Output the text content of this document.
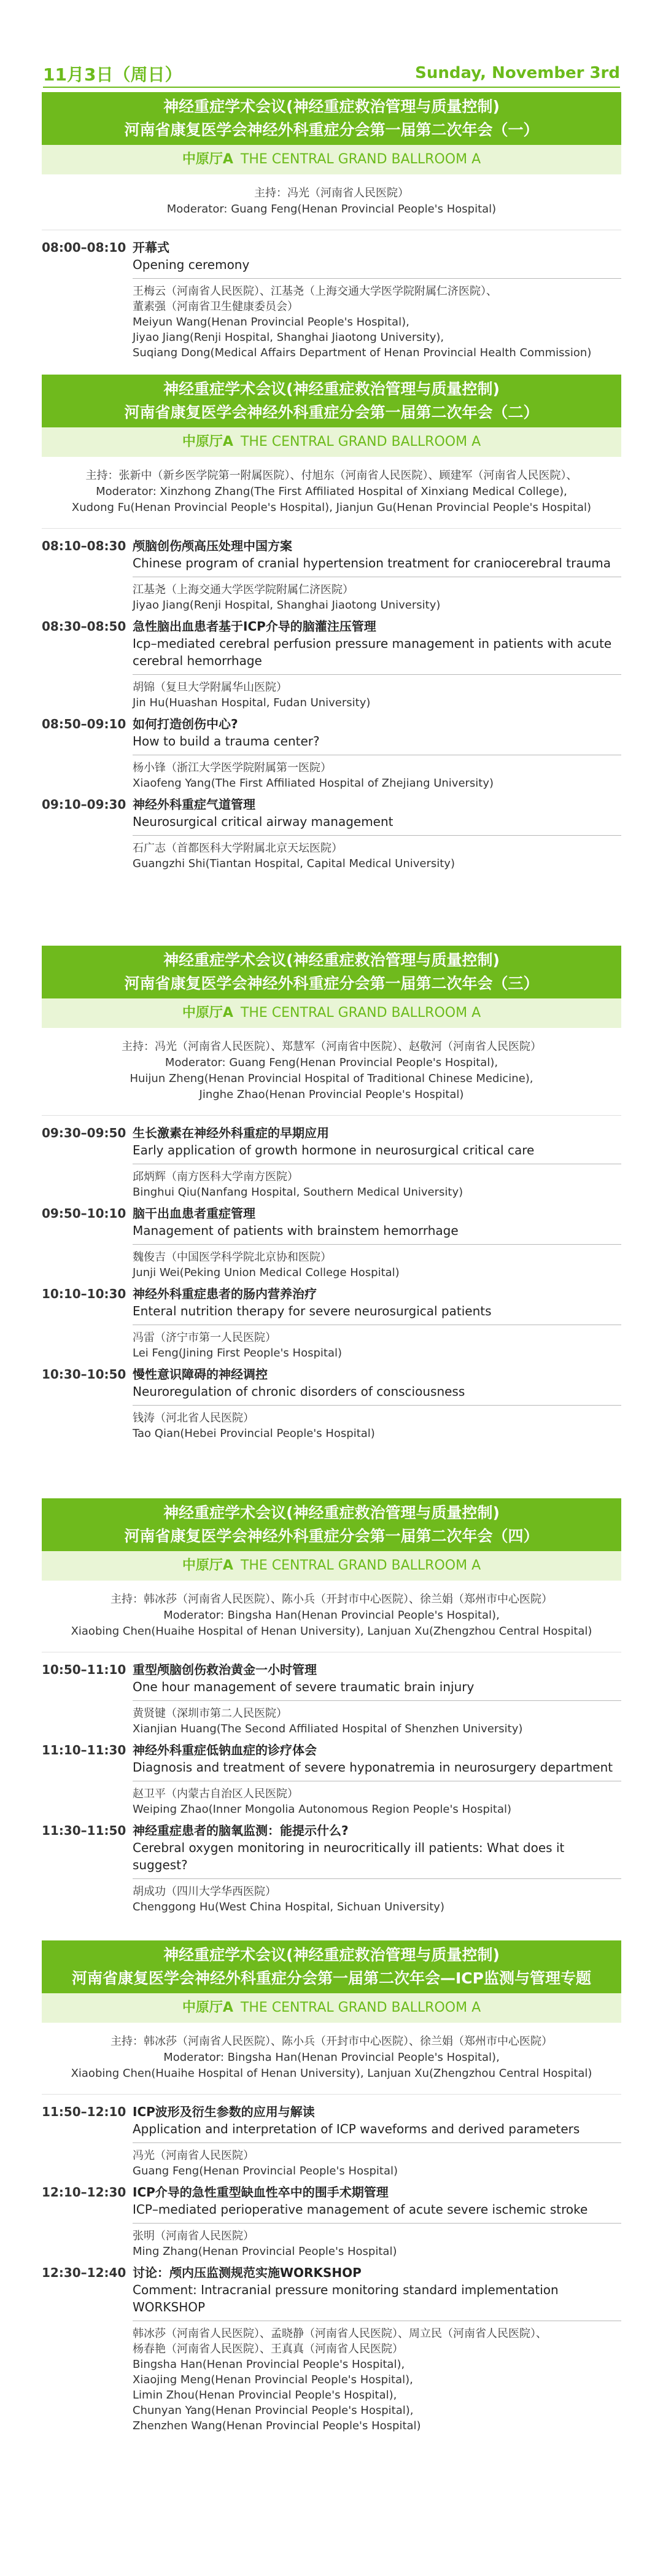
11月3日（周日）	Sunday, November 3rd
神经重症学术会议(神经重症救治管理与质量控制)
河南省康复医学会神经外科重症分会第一届第二次年会（一）
中原厅A THE CENTRAL GRAND BALLROOM A
主持：冯光（河南省人民医院）
Moderator: Guang Feng(Henan Provincial People's Hospital)
08:00–08:10 开幕式
Opening ceremony
王梅云（河南省人民医院）、江基尧（上海交通大学医学院附属仁济医院）、
董素强（河南省卫生健康委员会）
Meiyun Wang(Henan Provincial People's Hospital),
Jiyao Jiang(Renji Hospital, Shanghai Jiaotong University),
Suqiang Dong(Medical Affairs Department of Henan Provincial Health Commission)
神经重症学术会议(神经重症救治管理与质量控制)
河南省康复医学会神经外科重症分会第一届第二次年会（二）
中原厅A THE CENTRAL GRAND BALLROOM A
主持：张新中（新乡医学院第一附属医院）、付旭东（河南省人民医院）、顾建军（河南省人民医院）、
Moderator: Xinzhong Zhang(The First Affiliated Hospital of Xinxiang Medical College),
Xudong Fu(Henan Provincial People's Hospital), Jianjun Gu(Henan Provincial People's Hospital)
08:10–08:30 颅脑创伤颅高压处理中国方案
Chinese program of cranial hypertension treatment for craniocerebral trauma
江基尧（上海交通大学医学院附属仁济医院）
Jiyao Jiang(Renji Hospital, Shanghai Jiaotong University)
08:30–08:50 急性脑出血患者基于ICP介导的脑灌注压管理
Icp–mediated cerebral perfusion pressure management in patients with acute cerebral hemorrhage
胡锦（复旦大学附属华山医院）
Jin Hu(Huashan Hospital, Fudan University)
08:50–09:10 如何打造创伤中心?
How to build a trauma center?
杨小锋（浙江大学医学院附属第一医院）
Xiaofeng Yang(The First Affiliated Hospital of Zhejiang University)
09:10–09:30 神经外科重症气道管理
Neurosurgical critical airway management
石广志（首都医科大学附属北京天坛医院）
Guangzhi Shi(Tiantan Hospital, Capital Medical University)
神经重症学术会议(神经重症救治管理与质量控制)
河南省康复医学会神经外科重症分会第一届第二次年会（三）
中原厅A THE CENTRAL GRAND BALLROOM A
主持：冯光（河南省人民医院）、郑慧军（河南省中医院）、赵敬河（河南省人民医院）
Moderator: Guang Feng(Henan Provincial People's Hospital),
Huijun Zheng(Henan Provincial Hospital of Traditional Chinese Medicine),
Jinghe Zhao(Henan Provincial People's Hospital)
09:30–09:50 生长激素在神经外科重症的早期应用
Early application of growth hormone in neurosurgical critical care
邱炳辉（南方医科大学南方医院）
Binghui Qiu(Nanfang Hospital, Southern Medical University)
09:50–10:10 脑干出血患者重症管理
Management of patients with brainstem hemorrhage
魏俊吉（中国医学科学院北京协和医院）
Junji Wei(Peking Union Medical College Hospital)
10:10–10:30 神经外科重症患者的肠内营养治疗
Enteral nutrition therapy for severe neurosurgical patients
冯雷（济宁市第一人民医院）
Lei Feng(Jining First People's Hospital)
10:30–10:50 慢性意识障碍的神经调控
Neuroregulation of chronic disorders of consciousness
钱涛（河北省人民医院）
Tao Qian(Hebei Provincial People's Hospital)
神经重症学术会议(神经重症救治管理与质量控制)
河南省康复医学会神经外科重症分会第一届第二次年会（四）
中原厅A THE CENTRAL GRAND BALLROOM A
主持：韩冰莎（河南省人民医院）、陈小兵（开封市中心医院）、徐兰娟（郑州市中心医院）
Moderator: Bingsha Han(Henan Provincial People's Hospital),
Xiaobing Chen(Huaihe Hospital of Henan University), Lanjuan Xu(Zhengzhou Central Hospital)
10:50–11:10 重型颅脑创伤救治黄金一小时管理
One hour management of severe traumatic brain injury
黄贤键（深圳市第二人民医院）
Xianjian Huang(The Second Affiliated Hospital of Shenzhen University)
11:10–11:30 神经外科重症低钠血症的诊疗体会
Diagnosis and treatment of severe hyponatremia in neurosurgery department
赵卫平（内蒙古自治区人民医院）
Weiping Zhao(Inner Mongolia Autonomous Region People's Hospital)
11:30–11:50 神经重症患者的脑氧监测：能提示什么?
Cerebral oxygen monitoring in neurocritically ill patients: What does it suggest?
胡成功（四川大学华西医院）
Chenggong Hu(West China Hospital, Sichuan University)
神经重症学术会议(神经重症救治管理与质量控制)
河南省康复医学会神经外科重症分会第一届第二次年会—ICP监测与管理专题
中原厅A THE CENTRAL GRAND BALLROOM A
主持：韩冰莎（河南省人民医院）、陈小兵（开封市中心医院）、徐兰娟（郑州市中心医院）
Moderator: Bingsha Han(Henan Provincial People's Hospital),
Xiaobing Chen(Huaihe Hospital of Henan University), Lanjuan Xu(Zhengzhou Central Hospital)
11:50–12:10 ICP波形及衍生参数的应用与解读
Application and interpretation of ICP waveforms and derived parameters
冯光（河南省人民医院）
Guang Feng(Henan Provincial People's Hospital)
12:10–12:30 ICP介导的急性重型缺血性卒中的围手术期管理
ICP–mediated perioperative management of acute severe ischemic stroke
张明（河南省人民医院）
Ming Zhang(Henan Provincial People's Hospital)
12:30–12:40 讨论：颅内压监测规范实施WORKSHOP
Comment: Intracranial pressure monitoring standard implementation WORKSHOP
韩冰莎（河南省人民医院）、孟晓静（河南省人民医院）、周立民（河南省人民医院）、
杨春艳（河南省人民医院）、王真真（河南省人民医院）
Bingsha Han(Henan Provincial People's Hospital),
Xiaojing Meng(Henan Provincial People's Hospital),
Limin Zhou(Henan Provincial People's Hospital),
Chunyan Yang(Henan Provincial People's Hospital),
Zhenzhen Wang(Henan Provincial People's Hospital)
